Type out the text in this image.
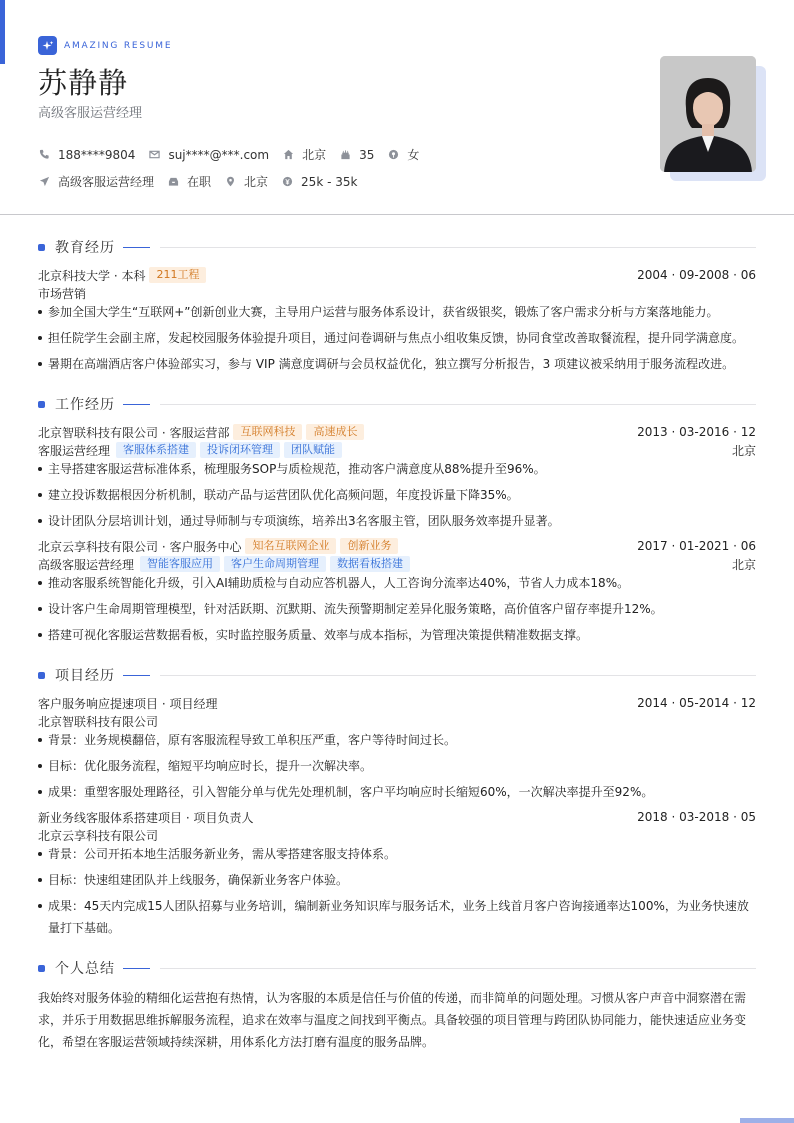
AMAZING RESUME
苏静静
高级客服运营经理
188****9804	suj****@***.com	北京	35	女
高级客服运营经理	在职	北京	25k - 35k
教育经历
北京科技大学 · 本科	211工程	2004 · 09-2008 · 06
市场营销
参加全国大学生“互联网+”创新创业大赛，主导用户运营与服务体系设计，获省级银奖，锻炼了客户需求分析与方案落地能力。
担任院学生会副主席，发起校园服务体验提升项目，通过问卷调研与焦点小组收集反馈，协同食堂改善取餐流程，提升同学满意度。
暑期在高端酒店客户体验部实习，参与 VIP 满意度调研与会员权益优化，独立撰写分析报告，3 项建议被采纳用于服务流程改进。
工作经历
北京智联科技有限公司 · 客服运营部	互联网科技	高速成长	2013 · 03-2016 · 12
客服运营经理	客服体系搭建	投诉闭环管理	团队赋能	北京
主导搭建客服运营标准体系，梳理服务SOP与质检规范，推动客户满意度从88%提升至96%。
建立投诉数据根因分析机制，联动产品与运营团队优化高频问题，年度投诉量下降35%。
设计团队分层培训计划，通过导师制与专项演练，培养出3名客服主管，团队服务效率提升显著。
北京云享科技有限公司 · 客户服务中心	知名互联网企业	创新业务	2017 · 01-2021 · 06
高级客服运营经理	智能客服应用	客户生命周期管理	数据看板搭建	北京
推动客服系统智能化升级，引入AI辅助质检与自动应答机器人，人工咨询分流率达40%，节省人力成本18%。
设计客户生命周期管理模型，针对活跃期、沉默期、流失预警期制定差异化服务策略，高价值客户留存率提升12%。
搭建可视化客服运营数据看板，实时监控服务质量、效率与成本指标，为管理决策提供精准数据支撑。
项目经历
客户服务响应提速项目 · 项目经理	2014 · 05-2014 · 12
北京智联科技有限公司
背景：业务规模翻倍，原有客服流程导致工单积压严重，客户等待时间过长。
目标：优化服务流程，缩短平均响应时长，提升一次解决率。
成果：重塑客服处理路径，引入智能分单与优先处理机制，客户平均响应时长缩短60%，一次解决率提升至92%。
新业务线客服体系搭建项目 · 项目负责人	2018 · 03-2018 · 05
北京云享科技有限公司
背景：公司开拓本地生活服务新业务，需从零搭建客服支持体系。
目标：快速组建团队并上线服务，确保新业务客户体验。
成果：45天内完成15人团队招募与业务培训，编制新业务知识库与服务话术，业务上线首月客户咨询接通率达100%，为业务快速放量打下基础。
个人总结
我始终对服务体验的精细化运营抱有热情，认为客服的本质是信任与价值的传递，而非简单的问题处理。习惯从客户声音中洞察潜在需求，并乐于用数据思维拆解服务流程，追求在效率与温度之间找到平衡点。具备较强的项目管理与跨团队协同能力，能快速适应业务变化，希望在客服运营领域持续深耕，用体系化方法打磨有温度的服务品牌。
